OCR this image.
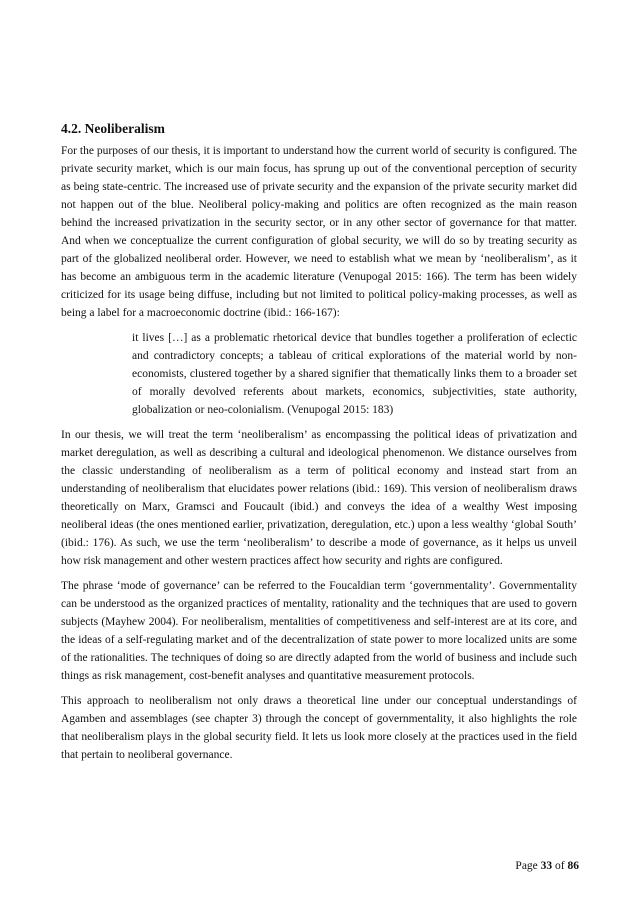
4.2. Neoliberalism

For the purposes of our thesis, it is important to understand how the current world of security is configured. The private security market, which is our main focus, has sprung up out of the conventional perception of security as being state-centric. The increased use of private security and the expansion of the private security market did not happen out of the blue. Neoliberal policy-making and politics are often recognized as the main reason behind the increased privatization in the security sector, or in any other sector of governance for that matter. And when we conceptualize the current configuration of global security, we will do so by treating security as part of the globalized neoliberal order. However, we need to establish what we mean by ‘neoliberalism’, as it has become an ambiguous term in the academic literature (Venupogal 2015: 166). The term has been widely criticized for its usage being diffuse, including but not limited to political policy-making processes, as well as being a label for a macroeconomic doctrine (ibid.: 166-167):

it lives […] as a problematic rhetorical device that bundles together a proliferation of eclectic and contradictory concepts; a tableau of critical explorations of the material world by non-economists, clustered together by a shared signifier that thematically links them to a broader set of morally devolved referents about markets, economics, subjectivities, state authority, globalization or neo-colonialism. (Venupogal 2015: 183)

In our thesis, we will treat the term ‘neoliberalism’ as encompassing the political ideas of privatization and market deregulation, as well as describing a cultural and ideological phenomenon. We distance ourselves from the classic understanding of neoliberalism as a term of political economy and instead start from an understanding of neoliberalism that elucidates power relations (ibid.: 169). This version of neoliberalism draws theoretically on Marx, Gramsci and Foucault (ibid.) and conveys the idea of a wealthy West imposing neoliberal ideas (the ones mentioned earlier, privatization, deregulation, etc.) upon a less wealthy ‘global South’ (ibid.: 176). As such, we use the term ‘neoliberalism’ to describe a mode of governance, as it helps us unveil how risk management and other western practices affect how security and rights are configured.

The phrase ‘mode of governance’ can be referred to the Foucaldian term ‘governmentality’. Governmentality can be understood as the organized practices of mentality, rationality and the techniques that are used to govern subjects (Mayhew 2004). For neoliberalism, mentalities of competitiveness and self-interest are at its core, and the ideas of a self-regulating market and of the decentralization of state power to more localized units are some of the rationalities. The techniques of doing so are directly adapted from the world of business and include such things as risk management, cost-benefit analyses and quantitative measurement protocols.

This approach to neoliberalism not only draws a theoretical line under our conceptual understandings of Agamben and assemblages (see chapter 3) through the concept of governmentality, it also highlights the role that neoliberalism plays in the global security field. It lets us look more closely at the practices used in the field that pertain to neoliberal governance.

Page 33 of 86
